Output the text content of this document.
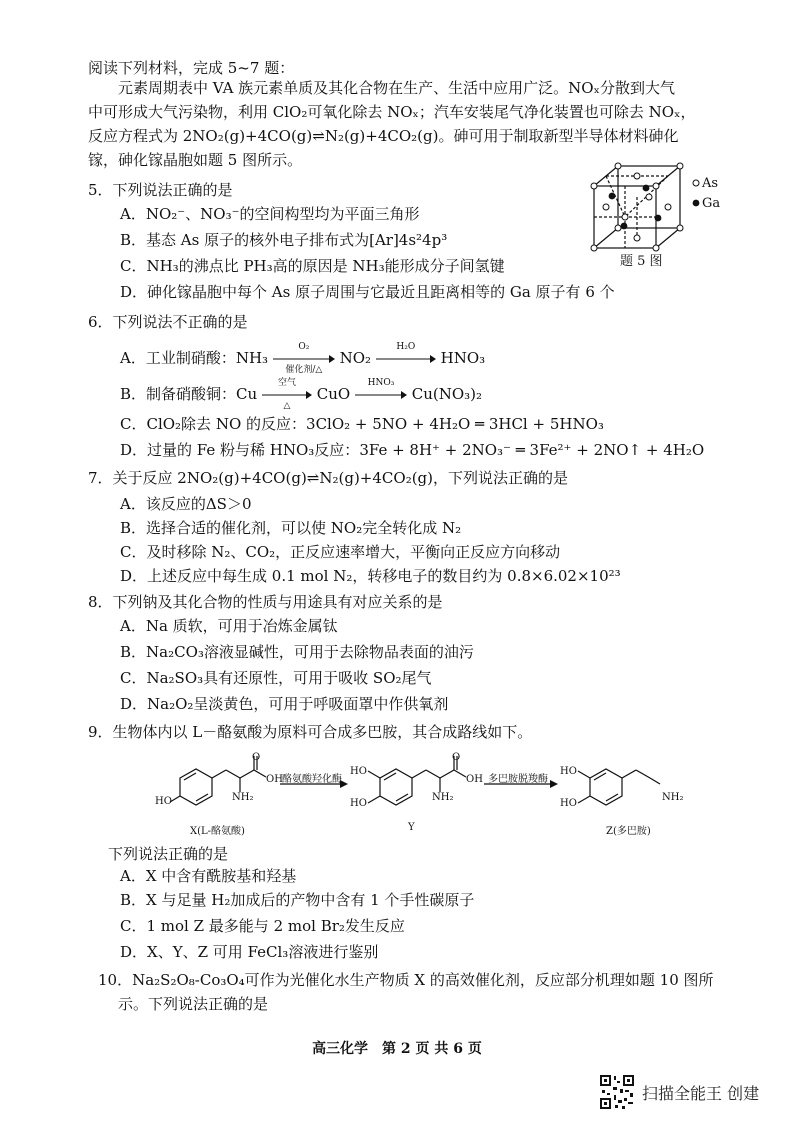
阅读下列材料，完成 5~7 题：
元素周期表中 VA 族元素单质及其化合物在生产、生活中应用广泛。NOₓ分散到大气
中可形成大气污染物，利用 ClO₂可氧化除去 NOₓ；汽车安装尾气净化装置也可除去 NOₓ，
反应方程式为 2NO₂(g)+4CO(g)⇌N₂(g)+4CO₂(g)。砷可用于制取新型半导体材料砷化
镓，砷化镓晶胞如题 5 图所示。
As
Ga
题 5 图
5．下列说法正确的是
A．NO₂⁻、NO₃⁻的空间构型均为平面三角形
B．基态 As 原子的核外电子排布式为[Ar]4s²4p³
C．NH₃的沸点比 PH₃高的原因是 NH₃能形成分子间氢键
D．砷化镓晶胞中每个 As 原子周围与它最近且距离相等的 Ga 原子有 6 个
6．下列说法不正确的是
A．工业制硝酸：NH₃
O₂
催化剂/△
NO₂
H₂O
HNO₃
B．制备硝酸铜：Cu
空气
△
CuO
HNO₃
Cu(NO₃)₂
C．ClO₂除去 NO 的反应：3ClO₂ + 5NO + 4H₂O ═ 3HCl + 5HNO₃
D．过量的 Fe 粉与稀 HNO₃反应：3Fe + 8H⁺ + 2NO₃⁻ ═ 3Fe²⁺ + 2NO↑ + 4H₂O
7．关于反应 2NO₂(g)+4CO(g)⇌N₂(g)+4CO₂(g)，下列说法正确的是
A．该反应的ΔS＞0
B．选择合适的催化剂，可以使 NO₂完全转化成 N₂
C．及时移除 N₂、CO₂，正反应速率增大，平衡向正反应方向移动
D．上述反应中每生成 0.1 mol N₂，转移电子的数目约为 0.8×6.02×10²³
8．下列钠及其化合物的性质与用途具有对应关系的是
A．Na 质软，可用于冶炼金属钛
B．Na₂CO₃溶液显碱性，可用于去除物品表面的油污
C．Na₂SO₃具有还原性，可用于吸收 SO₂尾气
D．Na₂O₂呈淡黄色，可用于呼吸面罩中作供氧剂
9．生物体内以 L－酪氨酸为原料可合成多巴胺，其合成路线如下。
HO
O
OH
NH₂
HO
HO
O
OH
NH₂
HO
HO
NH₂
酪氨酸羟化酶	多巴胺脱羧酶
X(L-酪氨酸)	Y	Z(多巴胺)
下列说法正确的是
A．X 中含有酰胺基和羟基
B．X 与足量 H₂加成后的产物中含有 1 个手性碳原子
C．1 mol Z 最多能与 2 mol Br₂发生反应
D．X、Y、Z 可用 FeCl₃溶液进行鉴别
10．Na₂S₂O₈-Co₃O₄可作为光催化水生产物质 X 的高效催化剂，反应部分机理如题 10 图所
示。下列说法正确的是
高三化学　第 2 页 共 6 页
扫描全能王 创建
